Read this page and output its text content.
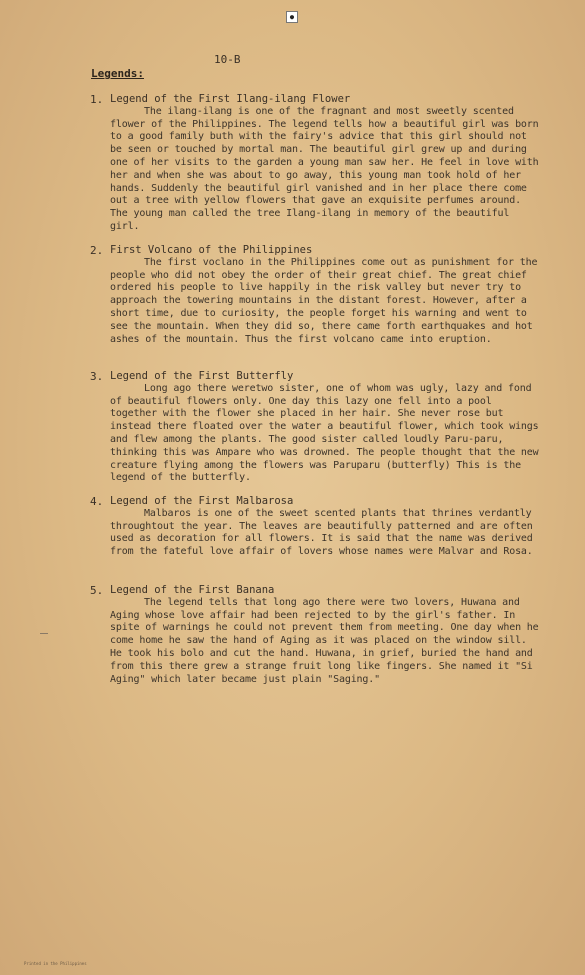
●
10-B
Legends:
1. Legend of the First Ilang-ilang Flower
The ilang-ilang is one of the fragnant and most sweetly scented flower of the Philippines. The legend tells how a beautiful girl was born to a good family buth with the fairy's advice that this girl should not be seen or touched by mortal man. The beautiful girl grew up and during one of her visits to the garden a young man saw her. He feel in love with her and when she was about to go away, this young man took hold of her hands. Suddenly the beautiful girl vanished and in her place there come out a tree with yellow flowers that gave an exquisite perfumes around. The young man called the tree Ilang-ilang in memory of the beautiful girl.
2. First Volcano of the Philippines
The first voclano in the Philippines come out as punishment for the people who did not obey the order of their great chief. The great chief ordered his people to live happily in the risk valley but never try to approach the towering mountains in the distant forest. However, after a short time, due to curiosity, the people forget his warning and went to see the mountain. When they did so, there came forth earthquakes and hot ashes of the mountain. Thus the first volcano came into eruption.
3. Legend of the First Butterfly
Long ago there weretwo sister, one of whom was ugly, lazy and fond of beautiful flowers only. One day this lazy one fell into a pool together with the flower she placed in her hair. She never rose but instead there floated over the water a beautiful flower, which took wings and flew among the plants. The good sister called loudly Paru-paru, thinking this was Ampare who was drowned. The people thought that the new creature flying among the flowers was Paruparu (butterfly) This is the legend of the butterfly.
4. Legend of the First Malbarosa
Malbaros is one of the sweet scented plants that thrines verdantly throughtout the year. The leaves are beautifully patterned and are often used as decoration for all flowers. It is said that the name was derived from the fateful love affair of lovers whose names were Malvar and Rosa.
5. Legend of the First Banana
The legend tells that long ago there were two lovers, Huwana and Aging whose love affair had been rejected to by the girl's father. In spite of warnings he could not prevent them from meeting. One day when he come home he saw the hand of Aging as it was placed on the window sill. He took his bolo and cut the hand. Huwana, in grief, buried the hand and from this there grew a strange fruit long like fingers. She named it "Si Aging" which later became just plain "Saging."
Printed in the Philippines
